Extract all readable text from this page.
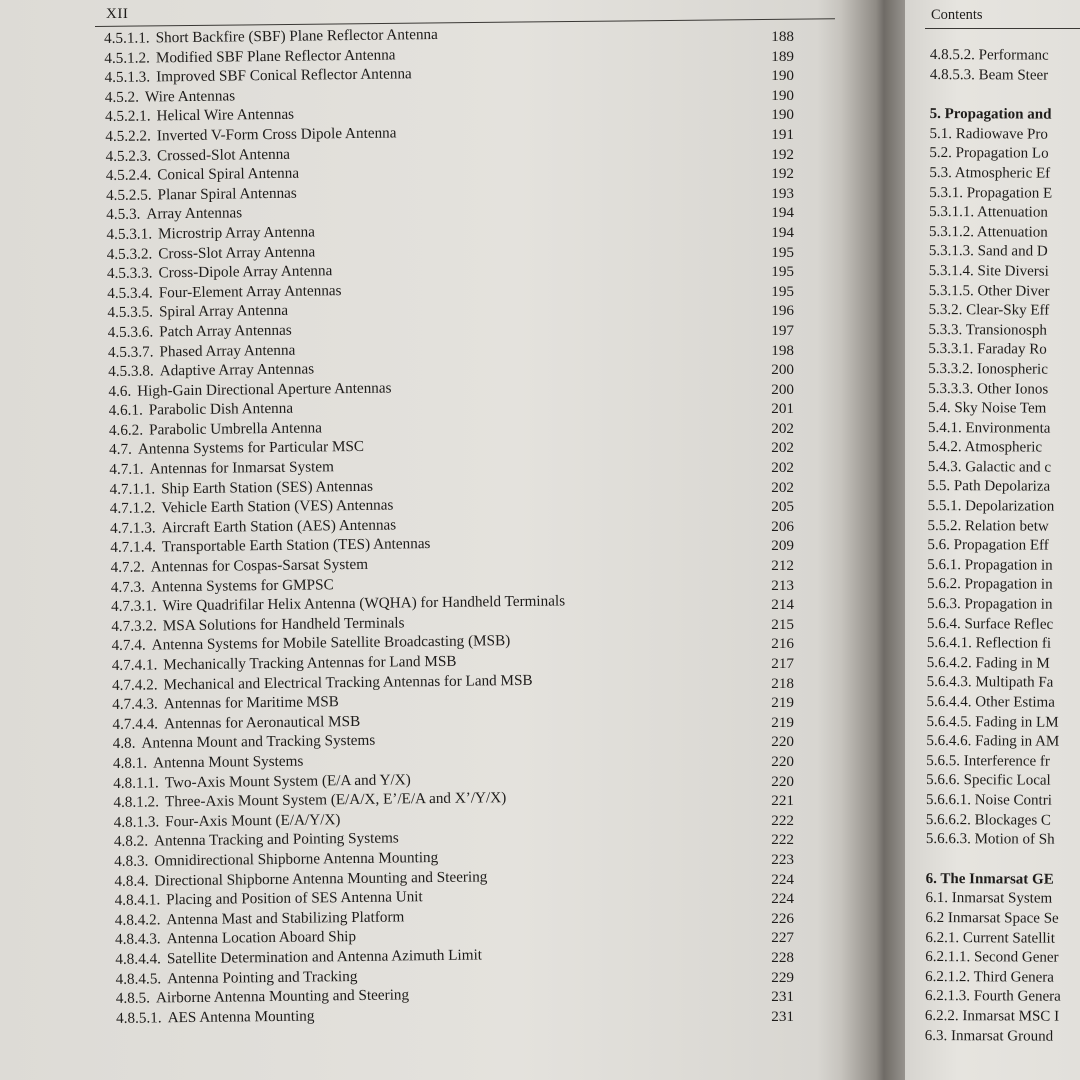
XII
4.5.1.1. Short Backfire (SBF) Plane Reflector Antenna
4.5.1.2. Modified SBF Plane Reflector Antenna
4.5.1.3. Improved SBF Conical Reflector Antenna
4.5.2. Wire Antennas
4.5.2.1. Helical Wire Antennas
4.5.2.2. Inverted V-Form Cross Dipole Antenna
4.5.2.3. Crossed-Slot Antenna
4.5.2.4. Conical Spiral Antenna
4.5.2.5. Planar Spiral Antennas
4.5.3. Array Antennas
4.5.3.1. Microstrip Array Antenna
4.5.3.2. Cross-Slot Array Antenna
4.5.3.3. Cross-Dipole Array Antenna
4.5.3.4. Four-Element Array Antennas
4.5.3.5. Spiral Array Antenna
4.5.3.6. Patch Array Antennas
4.5.3.7. Phased Array Antenna
4.5.3.8. Adaptive Array Antennas
4.6. High-Gain Directional Aperture Antennas
4.6.1. Parabolic Dish Antenna
4.6.2. Parabolic Umbrella Antenna
4.7. Antenna Systems for Particular MSC
4.7.1. Antennas for Inmarsat System
4.7.1.1. Ship Earth Station (SES) Antennas
4.7.1.2. Vehicle Earth Station (VES) Antennas
4.7.1.3. Aircraft Earth Station (AES) Antennas
4.7.1.4. Transportable Earth Station (TES) Antennas
4.7.2. Antennas for Cospas-Sarsat System
4.7.3. Antenna Systems for GMPSC
4.7.3.1. Wire Quadrifilar Helix Antenna (WQHA) for Handheld Terminals
4.7.3.2. MSA Solutions for Handheld Terminals
4.7.4. Antenna Systems for Mobile Satellite Broadcasting (MSB)
4.7.4.1. Mechanically Tracking Antennas for Land MSB
4.7.4.2. Mechanical and Electrical Tracking Antennas for Land MSB
4.7.4.3. Antennas for Maritime MSB
4.7.4.4. Antennas for Aeronautical MSB
4.8. Antenna Mount and Tracking Systems
4.8.1. Antenna Mount Systems
4.8.1.1. Two-Axis Mount System (E/A and Y/X)
4.8.1.2. Three-Axis Mount System (E/A/X, E’/E/A and X’/Y/X)
4.8.1.3. Four-Axis Mount (E/A/Y/X)
4.8.2. Antenna Tracking and Pointing Systems
4.8.3. Omnidirectional Shipborne Antenna Mounting
4.8.4. Directional Shipborne Antenna Mounting and Steering
4.8.4.1. Placing and Position of SES Antenna Unit
4.8.4.2. Antenna Mast and Stabilizing Platform
4.8.4.3. Antenna Location Aboard Ship
4.8.4.4. Satellite Determination and Antenna Azimuth Limit
4.8.4.5. Antenna Pointing and Tracking
4.8.5. Airborne Antenna Mounting and Steering
4.8.5.1. AES Antenna Mounting
188
189
190
190
190
191
192
192
193
194
194
195
195
195
196
197
198
200
200
201
202
202
202
202
205
206
209
212
213
214
215
216
217
218
219
219
220
220
220
221
222
222
223
224
224
226
227
228
229
231
231
Contents
4.8.5.2. Performanc
4.8.5.3. Beam Steer
5. Propagation and
5.1. Radiowave Pro
5.2. Propagation Lo
5.3. Atmospheric Ef
5.3.1. Propagation E
5.3.1.1. Attenuation
5.3.1.2. Attenuation
5.3.1.3. Sand and D
5.3.1.4. Site Diversi
5.3.1.5. Other Diver
5.3.2. Clear-Sky Eff
5.3.3. Transionosph
5.3.3.1. Faraday Ro
5.3.3.2. Ionospheric
5.3.3.3. Other Ionos
5.4. Sky Noise Tem
5.4.1. Environmenta
5.4.2. Atmospheric
5.4.3. Galactic and c
5.5. Path Depolariza
5.5.1. Depolarization
5.5.2. Relation betw
5.6. Propagation Eff
5.6.1. Propagation in
5.6.2. Propagation in
5.6.3. Propagation in
5.6.4. Surface Reflec
5.6.4.1. Reflection fi
5.6.4.2. Fading in M
5.6.4.3. Multipath Fa
5.6.4.4. Other Estima
5.6.4.5. Fading in LM
5.6.4.6. Fading in AM
5.6.5. Interference fr
5.6.6. Specific Local
5.6.6.1. Noise Contri
5.6.6.2. Blockages C
5.6.6.3. Motion of Sh
6. The Inmarsat GE
6.1. Inmarsat System
6.2 Inmarsat Space Se
6.2.1. Current Satellit
6.2.1.1. Second Gener
6.2.1.2. Third Genera
6.2.1.3. Fourth Genera
6.2.2. Inmarsat MSC I
6.3. Inmarsat Ground
